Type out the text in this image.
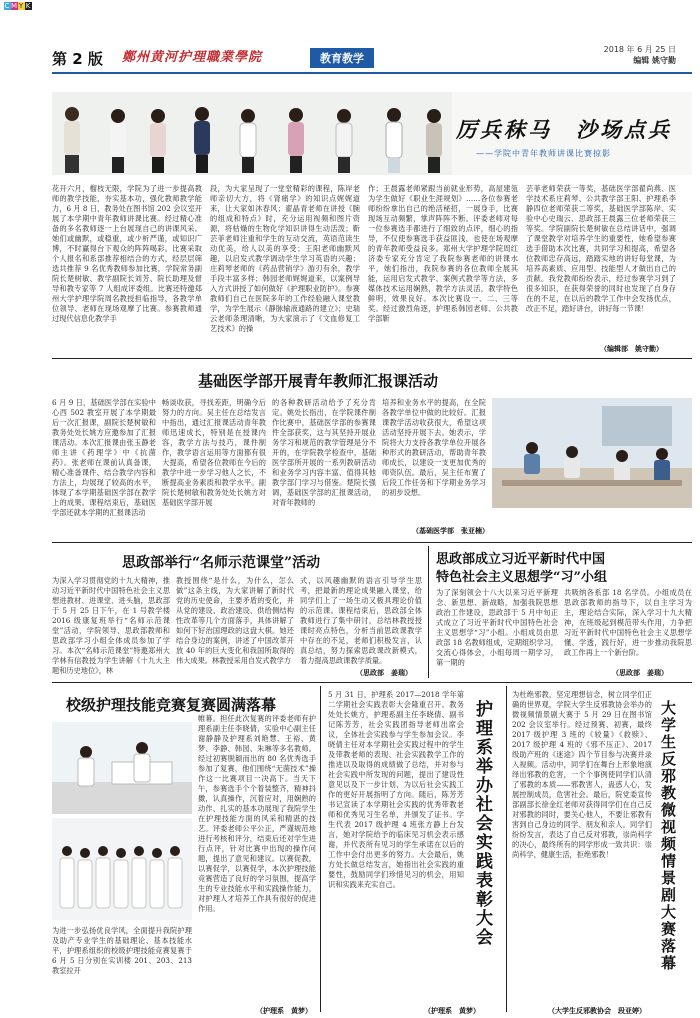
CMY K
第 2 版 鄭州黄河护理職業學院	教育教学
2018 年 6 月 25 日
编辑 姚守勤
厉兵秣马　沙场点兵
——学院中青年教师讲课比赛掠影
花开六月，榴枝无限，学院为了进一步提高教师的教学技能，夯实基本功，强化教师教学能力，6 月 8 日，教务处在图书馆 202 会议室开展了本学期中青年教师讲课比赛。经过精心准备的多名教师逐一上台展现自己的讲课风采。她们或幽默，或稳重，或少析严谨，或知识广博，不时赢得台下观众的阵阵喝彩。比赛采取个人报名和系部推荐相结合的方式，经层层筛选共推荐 9 名优秀教师参加比赛，学院常务副院长楚树敏、教学副院长刘芳、院长助理及督导和教专家等 7 人组成评委组。比赛还特邀郑州大学护理学院周名教授担临指导，各教学单位领导、老师在现场观摩了比赛。参赛教师通过现代信息化教学手
段，为大家呈现了一堂堂精彩的课程，陈岸老师亲切大方，将《肾痛学》的知识点娓娓道来，让大家如沐春风；翟晶青老师在讲授《腕的组成和特点》时，充分运用视频和图片资源，将枯燥的生物化学知识讲得生动活泼；靳芸菲老师注重和学生的互动交流，英语范读生动优美，给人以美的享受；王阳老师幽默风趣，以启发式教学调动学生学习英语的兴趣；庄莉琴老师的《药品营销学》游刃有余，教学手段丰富多样；韩园老师娓娓道来，以案例导入方式讲授了如何做好《护理职业防护》。参赛教师们自己在医院多年的工作经验融入课堂教学，为学生展示《静脉输液通路的建立》；史瑞云老师条理清晰，为大家演示了《文血修复工艺技术》的操
作；王晨露老师紧跟当前就业形势，高屋建瓴为学生做好《职业生涯规划》……各位参赛老师纷纷拿出自己的绝活秘招，一展身手，比赛现场互动频繁，掌声阵阵不断。评委老师对每一位参赛选手都进行了细致的点评，细心的指导，不仅使参赛选手获益匪浅，也使在场观摩的青年教师受益良多。郑州大学护理学院周红济委专家充分肯定了我院参赛老师的讲课水平，她们指出，我院参赛的各位教师全展其能，运用启发式教学、案例式教学等方法，多媒体技术运用娴熟，教学方法灵活，教学特色鲜明，效果良好。本次比赛设一、二、三等奖。经过激烈角逐，护理系韩园老师、公共教学部靳
芸菲老师荣获一等奖，基础医学部翟尚燕、医学技术系庄莉琴、公共教学部王阳、护理系李静四位老师荣获二等奖，基础医学部陈岸、实验中心史瑞云、思政部王晨露三位老师荣获三等奖。学院副院长楚树敏在总结讲话中，强调了课堂教学对培养学生的重要性，她希望参赛选手借助本次比赛，共同学习和提高，希望各位教师忠存高远，踏踏实地的讲好每堂课，为培养高素质、应用型、技能型人才做出自己的贡献。我党教师纷纷表示，经过参赛学习到了很多知识，在获得荣誉的同时也发现了自身存在的不足，在以后的教学工作中会发扬优点，改正不足，踏好讲台，讲好每一节课！
（编辑部　姚守勤）
基础医学部开展青年教师汇报课活动
6 月 9 日，基础医学部在实验中心西 502 教室开展了本学期最后一次汇报课，副院长楚树敏和教务处处长姚方应邀参加了汇报课活动。本次汇报课由张玉静老师主讲《药理学》中《抗菌药》。张老师在课前认真备课，精心准备课件、结合教学内容和方法上，均展现了较高的水平，体现了本学期基础医学部在教学上的成果。课程结束后，基础医学部还就本学期的汇报课活动
畅谈收获，寻找差距，明确今后努力的方向。吴主任在总结发言中指出，通过汇报课活动青年教师迅速成长，特别是在授课内容，教学方法与技巧，课件制作，教学语言运用等方面都有很大提高，希望各位教师在今后的教学中进一步学习他人之长，不断提高业务素质和教学水平。副院长楚树敏和教务处处长姚方对基础医学部开展
的各种教研活动给予了充分肯定。姚处长指出，在学院课件制作比赛中，基础医学部的参赛课件全部获奖，这与其坚持开展业务学习和规范的教学管理是分不开的，在学院教学检查中，基础医学部所开展的一系列教研活动和业务学习内容丰富、值得其他教学部门学习与借鉴。楚院长强调，基础医学部的汇报课活动，对青年教师的
培养和业务水平的提高，在全院各教学单位中做的比较好。汇报课教学活动收获很大，希望这项活动坚持开展下去。她表示，学院将大力支持各教学单位开展各种形式的教研活动，帮助青年教师成长，以建设一支更加优秀的师资队伍。最后，吴主任布置了后段工作任务和下学期业务学习的初步设想。
（基础医学部　张亚楠）
思政部举行“名师示范课堂”活动
为深入学习贯彻党的十九大精神，推动习近平新时代中国特色社会主义思想进教材、进课堂、进头脑，思政部于 5 月 25 日下午，在 1 号教学楼 2016 级康复班举行“名师示范课堂”活动，学院领导、思政部教师和思政部学习小组全体成员参加了学习。本次“名师示范课堂”特邀郑州大学林有信教授为学生讲解《十九大主题和历史地位》，林
教授围绕“是什么，为什么，怎么做”这条主线，为大家讲解了新时代党的历史使命，主要矛盾的变化，并从党的建设、政治建设、供给侧结构性改革等几个方面落手，具体讲解了如何下好治国理政的这盘大棋。她还结合身边的案例，讲述了中国改革开放 40 年的巨大变化和我国所取得的伟大成果。林教授采用自发式教学方
式，以风趣幽默的语言引导学生思考，把最新的理论成果融入课堂，给同学们上了一场生动又极具理论价值的示范课。课程结束后，思政部全体教师进行了集中研讨，总结林教授授课时亮点特色，分析当前思政课教学中存在的不足，老师们积极发言，认真总结，努力探索思政课改新模式，着力提高思政课教学质量。
（思政部　姜瑞）
思政部成立习近平新时代中国
特色社会主义思想学“习”小组
为了深刻领会十八大以来习近平新理念、新思想、新战略，加强我院思想政治工作建设，思政部于 5 月中旬正式成立了习近平新时代中国特色社会主义思想学“习”小组。小组成员由思政部 18 名教师组成，定期组织学习，交流心得体会，小组每周一期学习，第一期的
共吸纳各系部 18 名学员。小组成员在思政部教师的指导下，以自主学习为主，理论结合实际，深入学习十九大精神，在班级起到模范带头作用，力争把习近平新时代中国特色社会主义思想学懂、学透，践行好，进一步推动我院思政工作再上一个新台阶。
（思政部　姜瑞）
校级护理技能竞赛复赛圆满落幕
帷幕。担任此次复赛的评委老师有护理系副主任李晓倩，实验中心副主任谢静静及护理系刘艳慧、王裕、黄梦、李静、韩园、朱琳等多名教师。经过初赛脱颖而出的 80 名优秀选手参加了复赛，他们围绕“无菌技术”操作这一比赛项目一决高下。当天下午，参赛选手个个着装整齐，精神抖擞，认真操作，沉着应对，用娴熟的动作、扎实的基本功展现了我院学生在护理技能方面的风采和精湛的技艺。评委老师公平公正，严谨规范地进行考核和评分，结束后还对学生进行点评，针对比赛中出现的操作问题，提出了意见和建议。以赛促教，以赛促学，以赛促学，本次护理技能竞赛营造了良好的学习氛围，提高学生的专业技能水平和实践操作能力，对护理人才培养工作具有很好的促进作用。
为进一步弘扬优良学风，全面提升我院护理及助产专业学生的基础理论、基本技能水平，护理系组织的校级护理技能竞赛复赛于 6 月 5 日分别在实训楼 201、203、213 教室拉开
（护理系　黄梦）
5 月 31 日，护理系 2017—2018 学年第二学期社会实践表彰大会隆重召开。教务处处长姚方，护理系副主任李晓倩、副书记陈芳芳，社会实践团指导老师出席会议，全体社会实践参与学生参加会议。李晓倩主任对本学期社会实践过程中的学生及带教老师的表现、社会实践教学工作的推进以及取得的成绩做了总结，并对参与社会实践中所发现的问题，提出了建设性意见以及下一步计划，为以后社会实践工作的更好开展指明了方向。随后，陈芳芳书记宣读了本学期社会实践的优秀带教老师和优秀见习生名单，并颁发了证书。学生代表 2017 级护理 4 班张方静上台发言，她对学院给予的临床见习机会表示感谢，并代表所有见习的学生承诺在以后的工作中会付出更多的努力。大会最后，姚方处长做总结发言，她指出社会实践的重要性，鼓励同学们珍惜见习的机会，用知识和实践来充实自己。	护理系举办社会实践表彰大会
（护理系　黄梦）
为杜绝邪教，坚定理想信念，树立同学们正确的世界观，学院大学生反邪教协会举办的微视频情景剧大赛于 5 月 29 日在图书馆 202 会议室举行。经过预赛、初赛，最终 2017 级护理 3 班的《较量》《救赎》、2017 级护理 4 班的《邪不压正》、2017 级助产班的《迷途》四个节目参与决赛并录入视频。活动中，同学们在舞台上形象地演绎出邪教的危害，一个个事例使同学们认清了邪教的本质——邪教害人，蛊惑人心，发展控制成员，危害社会。最后，院党委宣传部副部长徐金红老师对获得同学们在自己反对邪教的同时，要关心他人，不要让邪教有害到自己身边的同学、朋友和亲人。同学们纷纷发言，表达了自己反对邪教，崇尚科学的决心，最终所有的同学形成一致共识：崇尚科学，健康生活，拒绝邪教！	大学生反邪教微视频情景剧大赛落幕
（大学生反邪教协会　段亚婷）
